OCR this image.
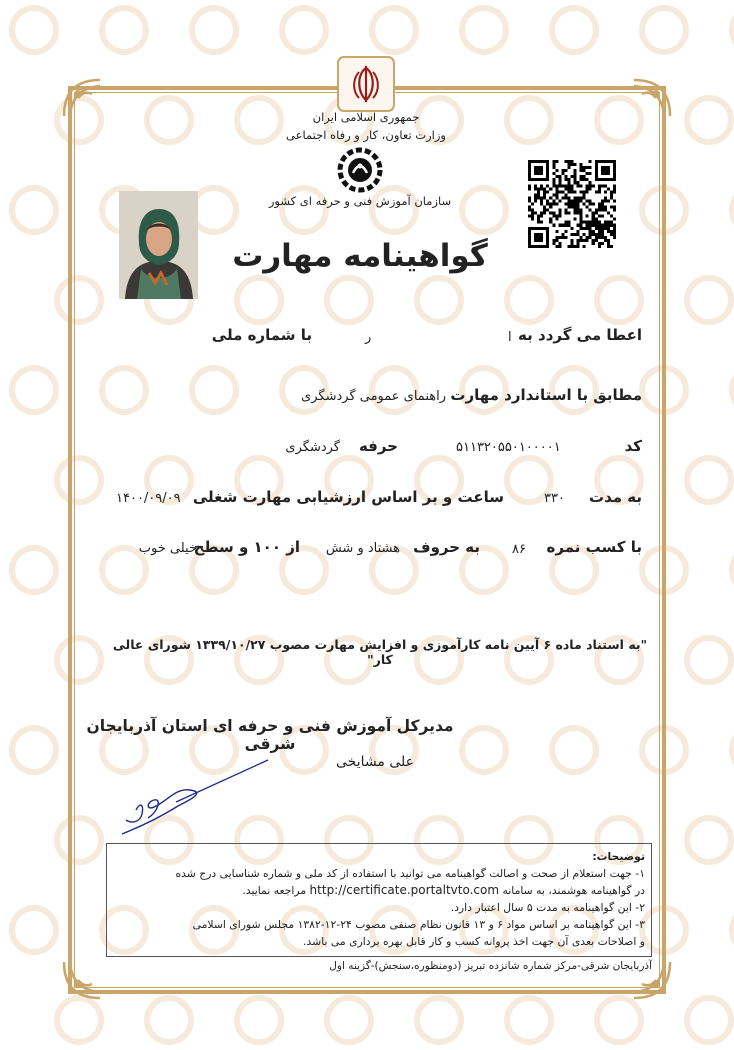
جمهوری اسلامی ایران
وزارت تعاون، کار و رفاه اجتماعی
سازمان آموزش فنی و حرفه ای کشور
گواهینامه مهارت
اعطا می گردد به
ا
ر
با شماره ملی
مطابق با استاندارد مهارت
راهنمای عمومی گردشگری
کد
۵۱۱۳۲۰۵۵۰۱۰۰۰۰۱
حرفه
گردشگری
به مدت
۳۳۰
ساعت و بر اساس ارزشیابی مهارت شغلی
۱۴۰۰/۰۹/۰۹
با کسب نمره
۸۶
به حروف
هشتاد و شش
از ۱۰۰ و سطح
خیلی خوب
"به استناد ماده ۶ آیین نامه کارآموزی و افزایش مهارت مصوب ۱۳۳۹/۱۰/۲۷ شورای عالی کار"
مدیرکل آموزش فنی و حرفه ای استان آذربایجان شرقی
علی مشایخی
توضیحات:
۱- جهت استعلام از صحت و اصالت گواهینامه می توانید با استفاده از کد ملی و شماره شناسایی درج شده
در گواهینامه هوشمند، به سامانه http://certificate.portaltvto.com مراجعه نمایید.
۲- این گواهینامه به مدت ۵ سال اعتبار دارد.
۳- این گواهینامه بر اساس مواد ۶ و ۱۳ قانون نظام صنفی مصوب ۲۴-۱۲-۱۳۸۲ مجلس شورای اسلامی
و اصلاحات بعدی آن جهت اخذ پروانه کسب و کار قابل بهره برداری می باشد.
آذربایجان شرقی-مرکز شماره شانزده تبریز (دومنظوره،سنجش)-گزینه اول
